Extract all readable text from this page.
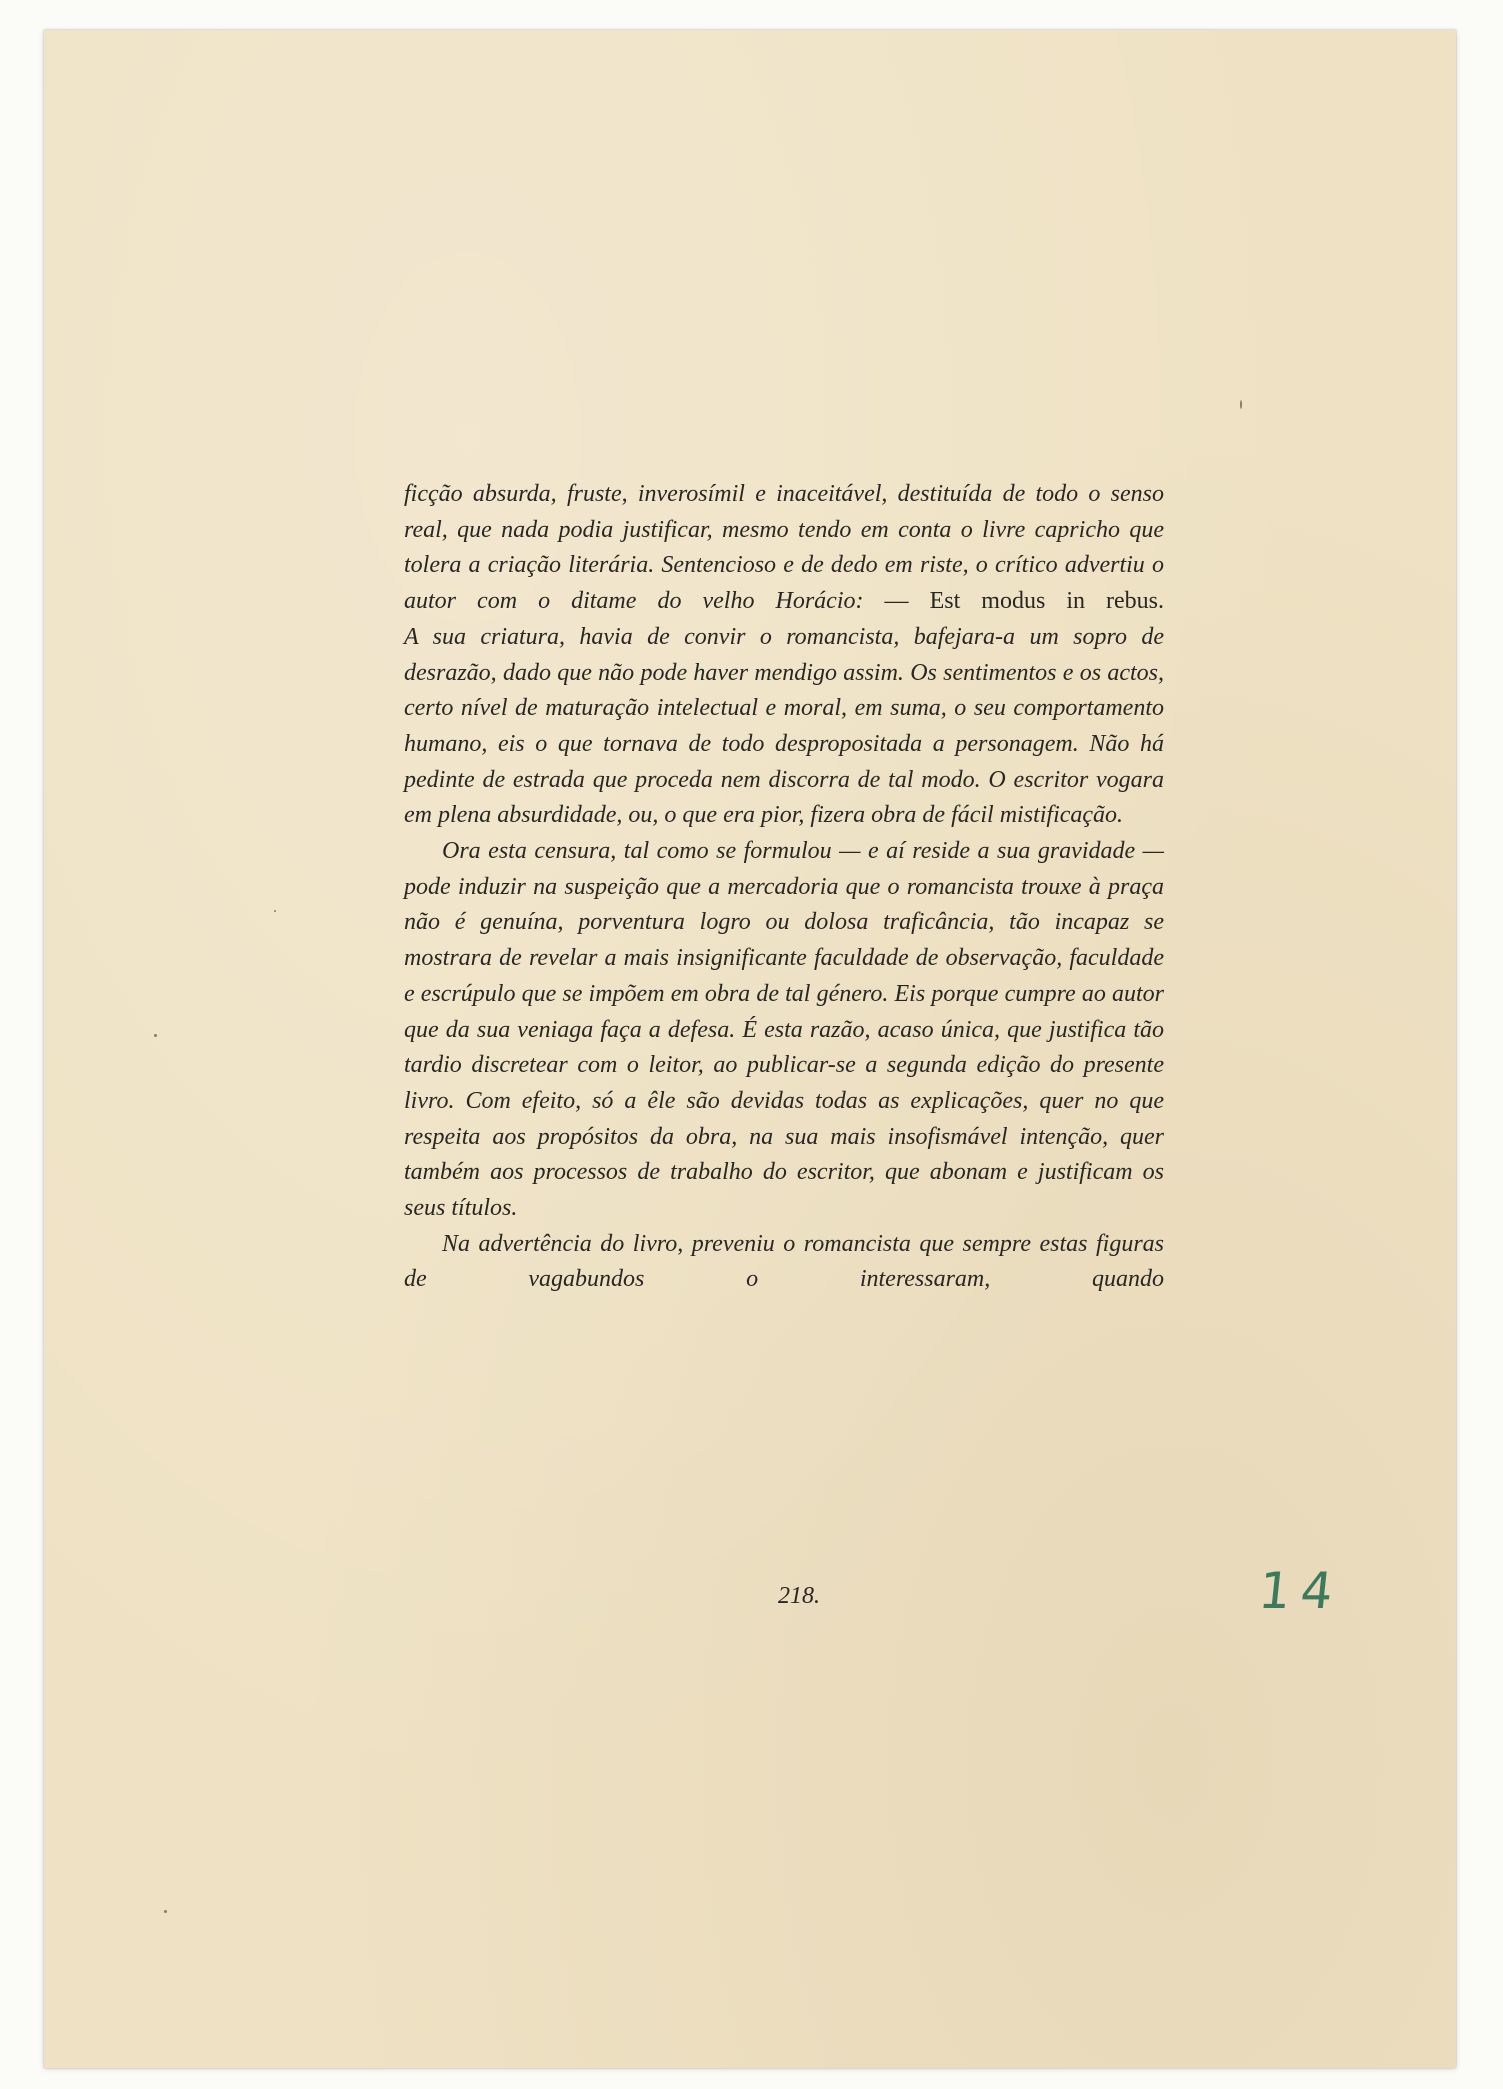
ficção absurda, fruste, inverosímil e inaceitável, destituída de todo o senso real, que nada podia justificar, mesmo tendo em conta o livre capricho que tolera a criação literária. Sentencioso e de dedo em riste, o crítico advertiu o autor com o ditame do velho Horácio: — Est modus in rebus.

A sua criatura, havia de convir o romancista, bafejara-a um sopro de desrazão, dado que não pode haver mendigo assim. Os sentimentos e os actos, certo nível de maturação intelectual e moral, em suma, o seu comportamento humano, eis o que tornava de todo despropositada a personagem. Não há pedinte de estrada que proceda nem discorra de tal modo. O escritor vogara em plena absurdidade, ou, o que era pior, fizera obra de fácil mistificação.

Ora esta censura, tal como se formulou — e aí reside a sua gravidade — pode induzir na suspeição que a mercadoria que o romancista trouxe à praça não é genuína, porventura logro ou dolosa traficância, tão incapaz se mostrara de revelar a mais insignificante faculdade de observação, faculdade e escrúpulo que se impõem em obra de tal género. Eis porque cumpre ao autor que da sua veniaga faça a defesa. É esta razão, acaso única, que justifica tão tardio discretear com o leitor, ao publicar-se a segunda edição do presente livro. Com efeito, só a êle são devidas todas as explicações, quer no que respeita aos propósitos da obra, na sua mais insofismável intenção, quer também aos processos de trabalho do escritor, que abonam e justificam os seus títulos.

Na advertência do livro, preveniu o romancista que sempre estas figuras de vagabundos o interessaram, quando

218.	14
